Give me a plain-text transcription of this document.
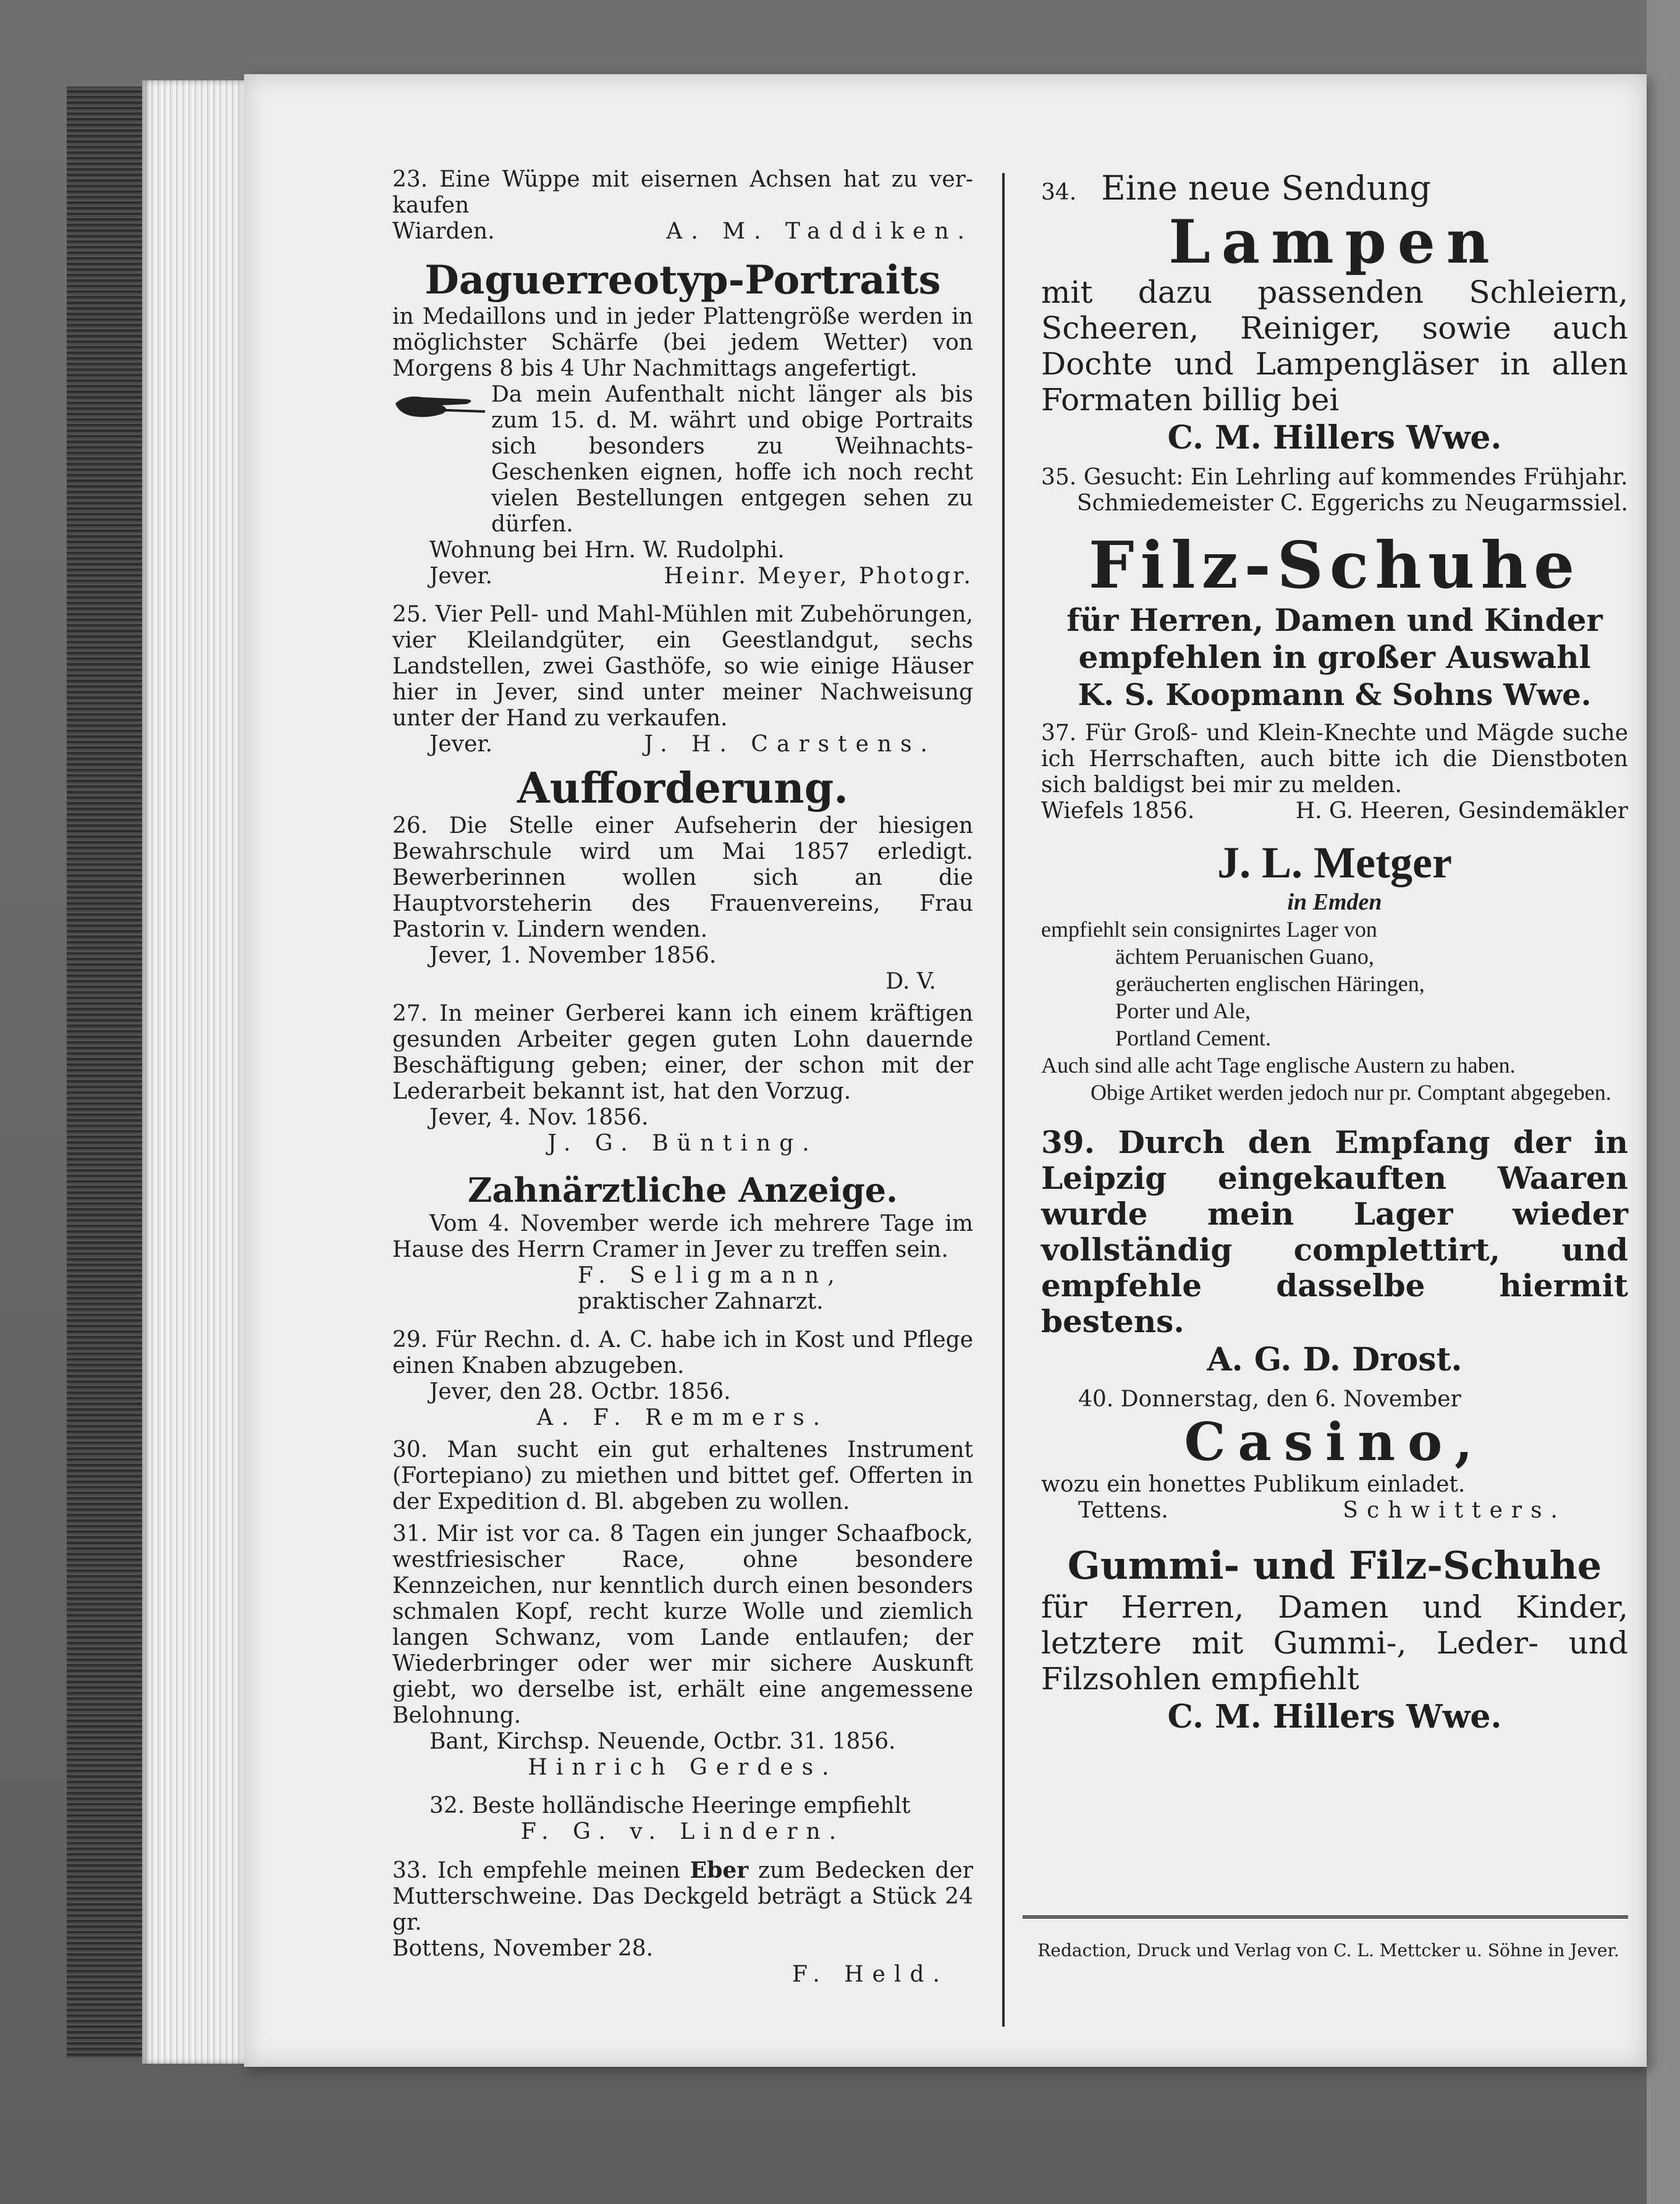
23. Eine Wüppe mit eisernen Achsen hat zu ver-kaufen

Wiarden.	A. M. Taddiken.
Daguerreotyp-Portraits

in Medaillons und in jeder Plattengröße werden in möglichster Schärfe (bei jedem Wetter) von Morgens 8 bis 4 Uhr Nachmittags angefertigt.

Da mein Aufenthalt nicht länger als bis zum 15. d. M. währt und obige Portraits sich besonders zu Weihnachts-Geschenken eignen, hoffe ich noch recht vielen Bestellungen entgegen sehen zu dürfen.

Wohnung bei Hrn. W. Rudolphi.

Jever.	Heinr. Meyer, Photogr.

25. Vier Pell- und Mahl-Mühlen mit Zubehörungen, vier Kleilandgüter, ein Geestlandgut, sechs Landstellen, zwei Gasthöfe, so wie einige Häuser hier in Jever, sind unter meiner Nachweisung unter der Hand zu verkaufen.

Jever.	J. H. Carstens.
Aufforderung.

26. Die Stelle einer Aufseherin der hiesigen Bewahrschule wird um Mai 1857 erledigt. Bewerberinnen wollen sich an die Hauptvorsteherin des Frauenvereins, Frau Pastorin v. Lindern wenden.

Jever, 1. November 1856.

D. V.

27. In meiner Gerberei kann ich einem kräftigen gesunden Arbeiter gegen guten Lohn dauernde Beschäftigung geben; einer, der schon mit der Lederarbeit bekannt ist, hat den Vorzug.

Jever, 4. Nov. 1856.

J. G. Bünting.

Zahnärztliche Anzeige.

Vom 4. November werde ich mehrere Tage im Hause des Herrn Cramer in Jever zu treffen sein.

F. Seligmann,

praktischer Zahnarzt.

29. Für Rechn. d. A. C. habe ich in Kost und Pflege einen Knaben abzugeben.

Jever, den 28. Octbr. 1856.

A. F. Remmers.

30. Man sucht ein gut erhaltenes Instrument (Fortepiano) zu miethen und bittet gef. Offerten in der Expedition d. Bl. abgeben zu wollen.

31. Mir ist vor ca. 8 Tagen ein junger Schaafbock, westfriesischer Race, ohne besondere Kennzeichen, nur kenntlich durch einen besonders schmalen Kopf, recht kurze Wolle und ziemlich langen Schwanz, vom Lande entlaufen; der Wiederbringer oder wer mir sichere Auskunft giebt, wo derselbe ist, erhält eine angemessene Belohnung.

Bant, Kirchsp. Neuende, Octbr. 31. 1856.

Hinrich Gerdes.

32. Beste holländische Heeringe empfiehlt

F. G. v. Lindern.

33. Ich empfehle meinen Eber zum Bedecken der Mutterschweine. Das Deckgeld beträgt a Stück 24 gr.

Bottens, November 28.

F. Held.

34. Eine neue Sendung
Lampen

mit dazu passenden Schleiern, Scheeren, Reiniger, sowie auch Dochte und Lampengläser in allen Formaten billig bei

C. M. Hillers Wwe.

35. Gesucht: Ein Lehrling auf kommendes Frühjahr.

Schmiedemeister C. Eggerichs zu Neugarmssiel.

Filz-Schuhe

für Herren, Damen und Kinder empfehlen in großer Auswahl

K. S. Koopmann & Sohns Wwe.

37. Für Groß- und Klein-Knechte und Mägde suche ich Herrschaften, auch bitte ich die Dienstboten sich baldigst bei mir zu melden.

Wiefels 1856.	H. G. Heeren, Gesindemäkler
J. L. Metger
in Emden

empfiehlt sein consignirtes Lager von

ächtem Peruanischen Guano,

geräucherten englischen Häringen,

Porter und Ale,

Portland Cement.

Auch sind alle acht Tage englische Austern zu haben.

Obige Artiket werden jedoch nur pr. Comptant abgegeben.

39. Durch den Empfang der in Leipzig eingekauften Waaren wurde mein Lager wieder vollständig complettirt, und empfehle dasselbe hiermit bestens.

A. G. D. Drost.

40. Donnerstag, den 6. November

Casino,

wozu ein honettes Publikum einladet.

Tettens.	Schwitters.
Gummi- und Filz-Schuhe

für Herren, Damen und Kinder, letztere mit Gummi-, Leder- und Filzsohlen empfiehlt

C. M. Hillers Wwe.

Redaction, Druck und Verlag von C. L. Mettcker u. Söhne in Jever.
